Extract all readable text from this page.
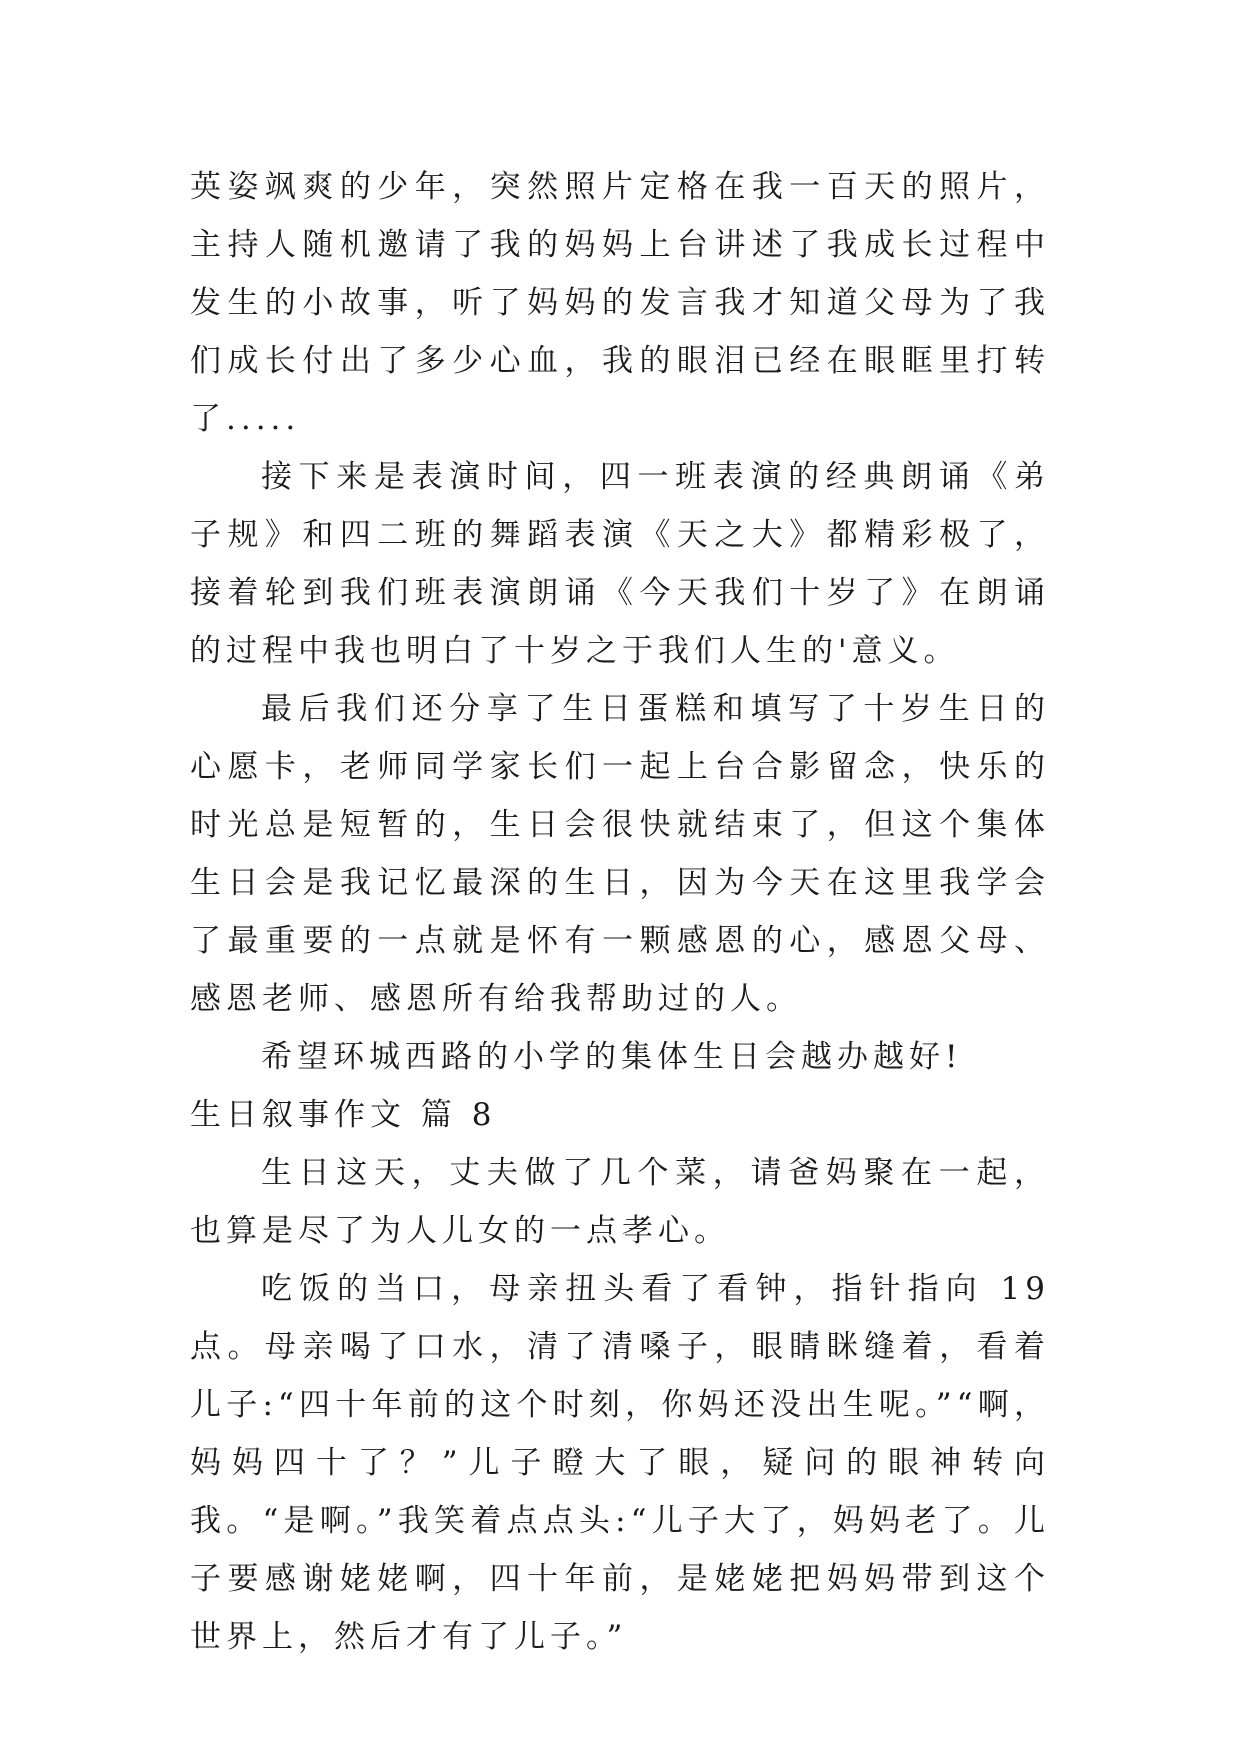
英姿飒爽的少年，突然照片定格在我一百天的照片，主持人随机邀请了我的妈妈上台讲述了我成长过程中发生的小故事，听了妈妈的发言我才知道父母为了我们成长付出了多少心血，我的眼泪已经在眼眶里打转了.....

接下来是表演时间，四一班表演的经典朗诵《弟子规》和四二班的舞蹈表演《天之大》都精彩极了，接着轮到我们班表演朗诵《今天我们十岁了》在朗诵的过程中我也明白了十岁之于我们人生的'意义。

最后我们还分享了生日蛋糕和填写了十岁生日的心愿卡，老师同学家长们一起上台合影留念，快乐的时光总是短暂的，生日会很快就结束了，但这个集体生日会是我记忆最深的生日，因为今天在这里我学会了最重要的一点就是怀有一颗感恩的心，感恩父母、感恩老师、感恩所有给我帮助过的人。

希望环城西路的小学的集体生日会越办越好!

生日叙事作文 篇 8

生日这天，丈夫做了几个菜，请爸妈聚在一起，也算是尽了为人儿女的一点孝心。

吃饭的当口，母亲扭头看了看钟，指针指向 19 点。母亲喝了口水，清了清嗓子，眼睛眯缝着，看着儿子:“四十年前的这个时刻，你妈还没出生呢。”“啊，妈妈四十了？”儿子瞪大了眼，疑问的眼神转向我。“是啊。”我笑着点点头:“儿子大了，妈妈老了。儿子要感谢姥姥啊，四十年前，是姥姥把妈妈带到这个世界上，然后才有了儿子。”
